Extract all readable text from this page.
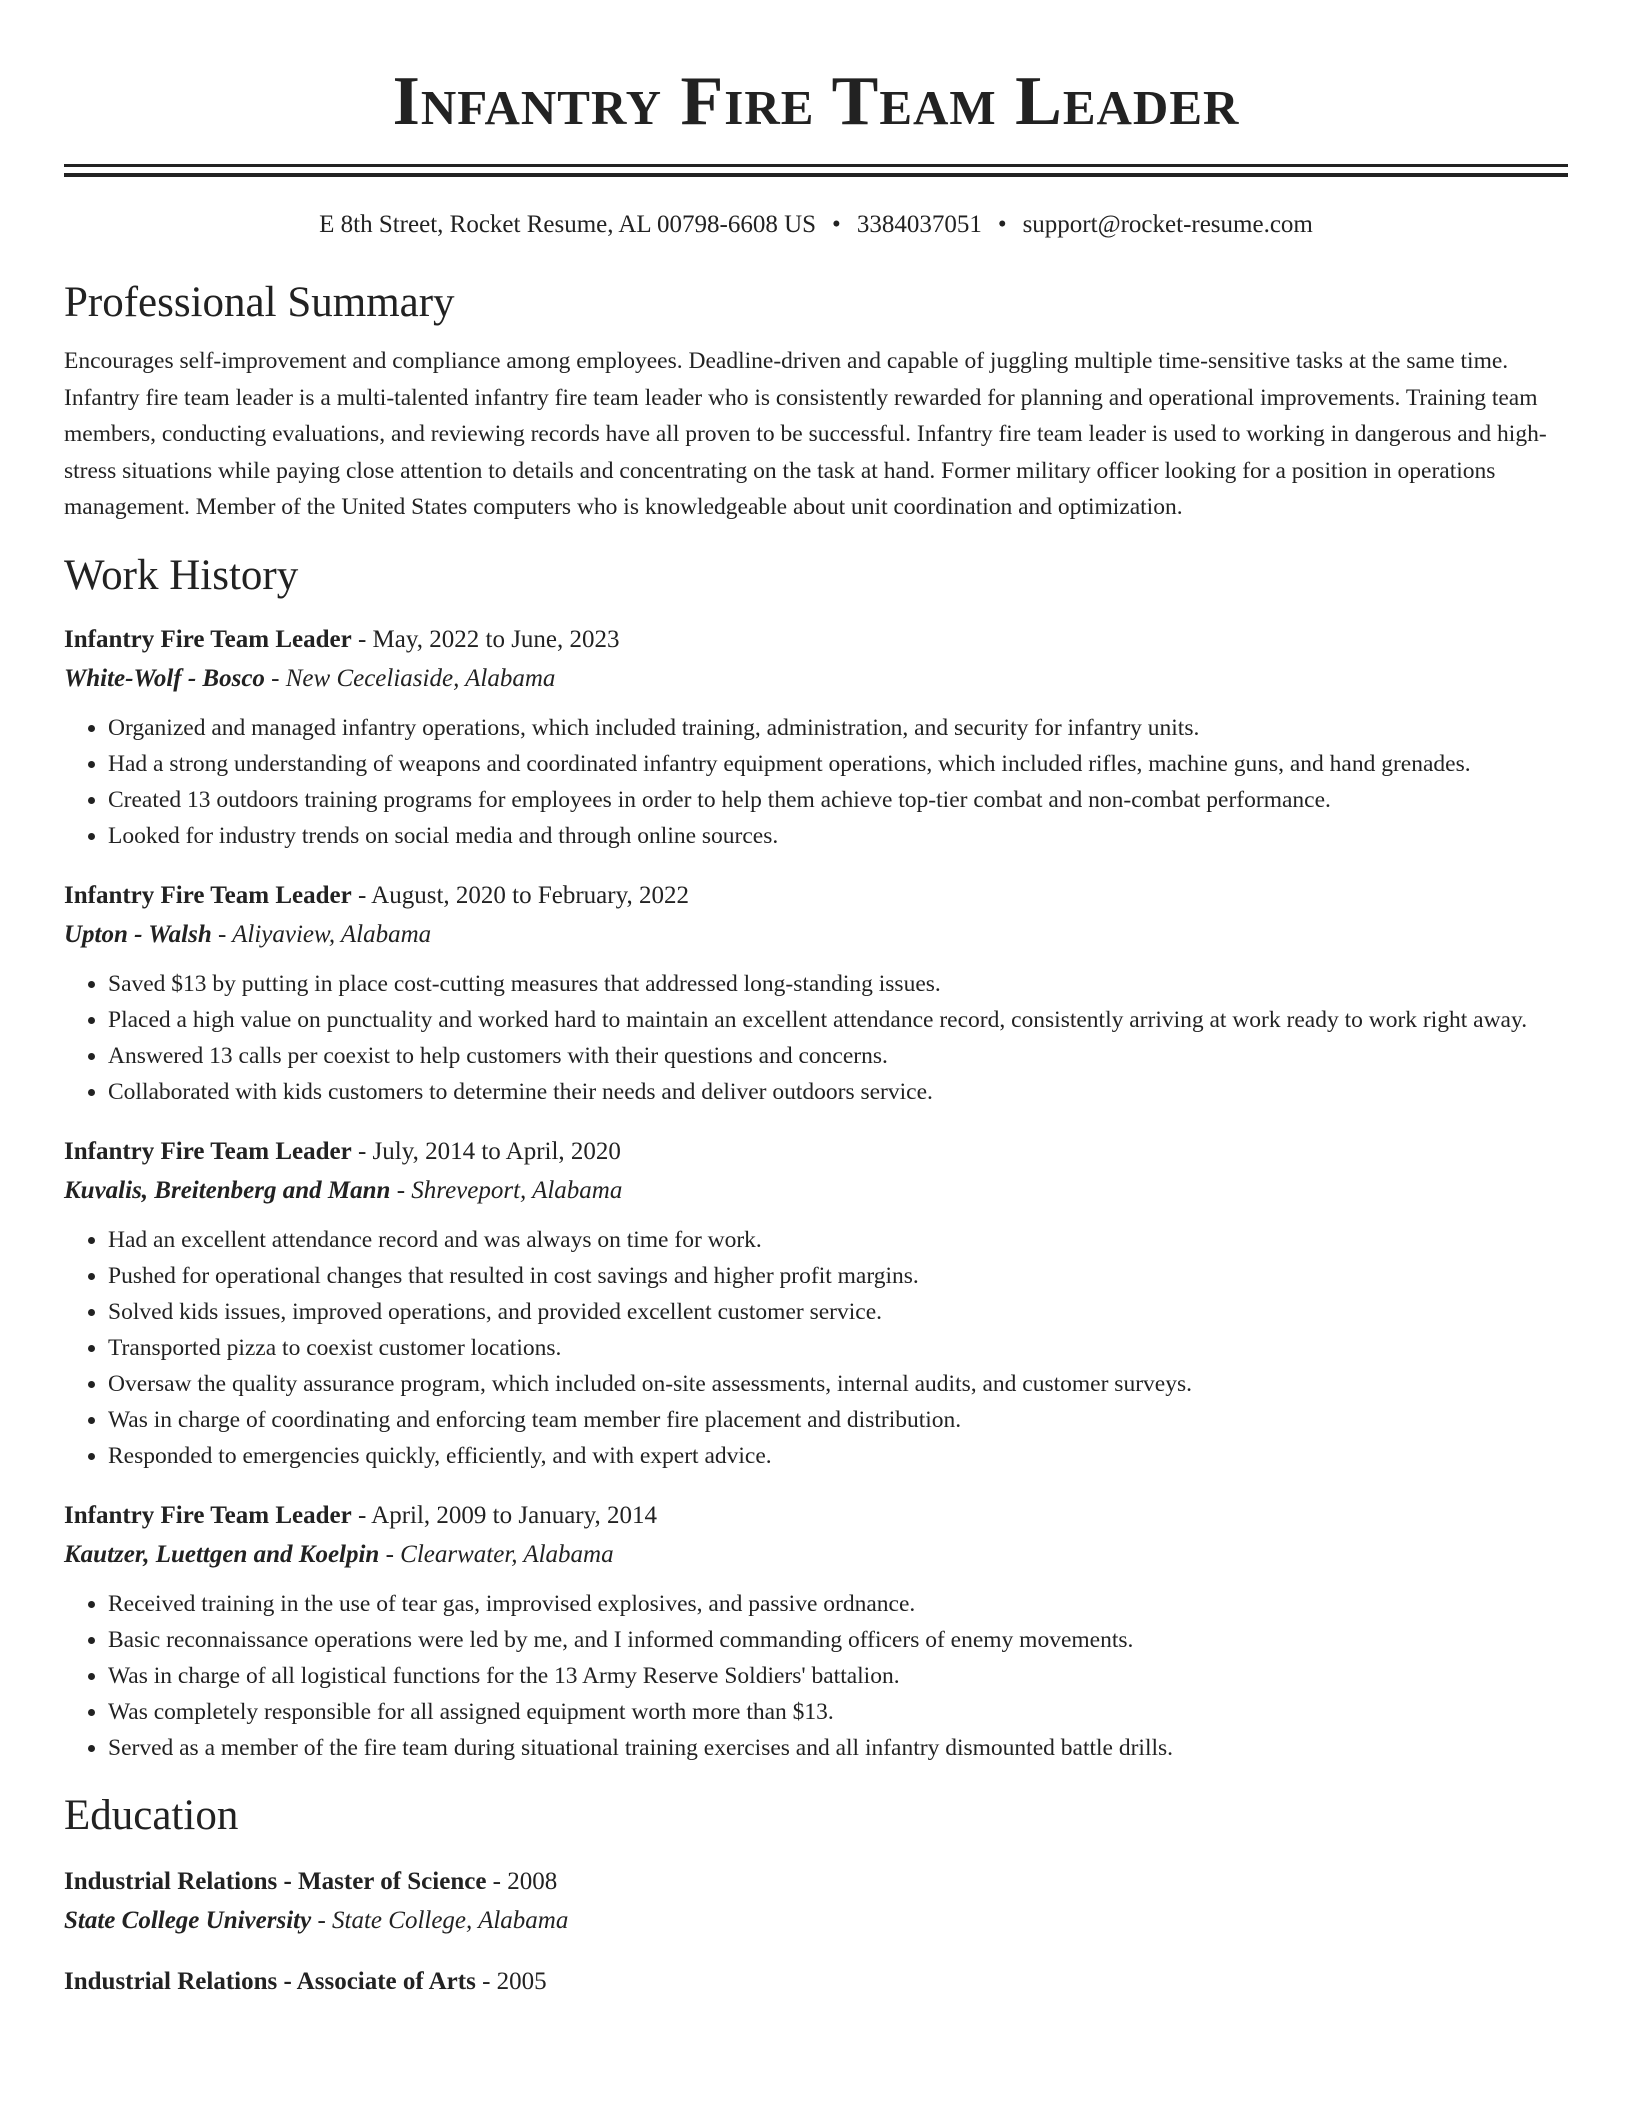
Infantry Fire Team Leader
E 8th Street, Rocket Resume, AL 00798-6608 US • 3384037051 • support@rocket-resume.com
Professional Summary
Encourages self-improvement and compliance among employees. Deadline-driven and capable of juggling multiple time-sensitive tasks at the same time. Infantry fire team leader is a multi-talented infantry fire team leader who is consistently rewarded for planning and operational improvements. Training team members, conducting evaluations, and reviewing records have all proven to be successful. Infantry fire team leader is used to working in dangerous and high-stress situations while paying close attention to details and concentrating on the task at hand. Former military officer looking for a position in operations management. Member of the United States computers who is knowledgeable about unit coordination and optimization.
Work History
Infantry Fire Team Leader - May, 2022 to June, 2023
White-Wolf - Bosco - New Ceceliaside, Alabama
• Organized and managed infantry operations, which included training, administration, and security for infantry units.
• Had a strong understanding of weapons and coordinated infantry equipment operations, which included rifles, machine guns, and hand grenades.
• Created 13 outdoors training programs for employees in order to help them achieve top-tier combat and non-combat performance.
• Looked for industry trends on social media and through online sources.
Infantry Fire Team Leader - August, 2020 to February, 2022
Upton - Walsh - Aliyaview, Alabama
• Saved $13 by putting in place cost-cutting measures that addressed long-standing issues.
• Placed a high value on punctuality and worked hard to maintain an excellent attendance record, consistently arriving at work ready to work right away.
• Answered 13 calls per coexist to help customers with their questions and concerns.
• Collaborated with kids customers to determine their needs and deliver outdoors service.
Infantry Fire Team Leader - July, 2014 to April, 2020
Kuvalis, Breitenberg and Mann - Shreveport, Alabama
• Had an excellent attendance record and was always on time for work.
• Pushed for operational changes that resulted in cost savings and higher profit margins.
• Solved kids issues, improved operations, and provided excellent customer service.
• Transported pizza to coexist customer locations.
• Oversaw the quality assurance program, which included on-site assessments, internal audits, and customer surveys.
• Was in charge of coordinating and enforcing team member fire placement and distribution.
• Responded to emergencies quickly, efficiently, and with expert advice.
Infantry Fire Team Leader - April, 2009 to January, 2014
Kautzer, Luettgen and Koelpin - Clearwater, Alabama
• Received training in the use of tear gas, improvised explosives, and passive ordnance.
• Basic reconnaissance operations were led by me, and I informed commanding officers of enemy movements.
• Was in charge of all logistical functions for the 13 Army Reserve Soldiers' battalion.
• Was completely responsible for all assigned equipment worth more than $13.
• Served as a member of the fire team during situational training exercises and all infantry dismounted battle drills.
Education
Industrial Relations - Master of Science - 2008
State College University - State College, Alabama
Industrial Relations - Associate of Arts - 2005
